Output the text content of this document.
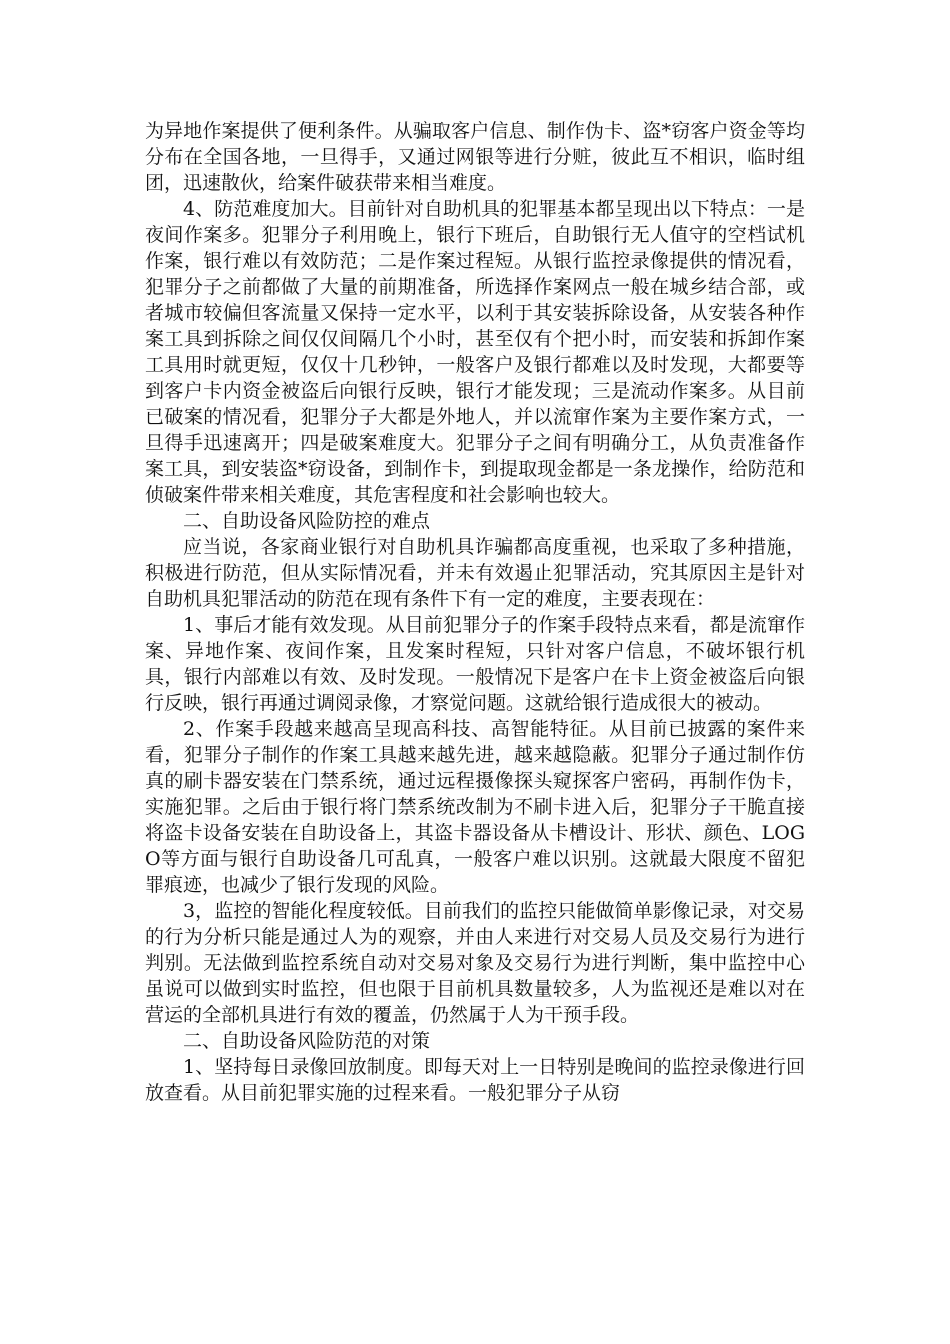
为异地作案提供了便利条件。从骗取客户信息、制作伪卡、盗*窃客户资金等均分布在全国各地，一旦得手，又通过网银等进行分赃，彼此互不相识，临时组团，迅速散伙，给案件破获带来相当难度。

4、防范难度加大。目前针对自助机具的犯罪基本都呈现出以下特点：一是夜间作案多。犯罪分子利用晚上，银行下班后，自助银行无人值守的空档试机作案，银行难以有效防范；二是作案过程短。从银行监控录像提供的情况看，犯罪分子之前都做了大量的前期准备，所选择作案网点一般在城乡结合部，或者城市较偏但客流量又保持一定水平，以利于其安装拆除设备，从安装各种作案工具到拆除之间仅仅间隔几个小时，甚至仅有个把小时，而安装和拆卸作案工具用时就更短，仅仅十几秒钟，一般客户及银行都难以及时发现，大都要等到客户卡内资金被盗后向银行反映，银行才能发现；三是流动作案多。从目前已破案的情况看，犯罪分子大都是外地人，并以流窜作案为主要作案方式，一旦得手迅速离开；四是破案难度大。犯罪分子之间有明确分工，从负责准备作案工具，到安装盗*窃设备，到制作卡，到提取现金都是一条龙操作，给防范和侦破案件带来相关难度，其危害程度和社会影响也较大。

二、自助设备风险防控的难点

应当说，各家商业银行对自助机具诈骗都高度重视，也采取了多种措施，积极进行防范，但从实际情况看，并未有效遏止犯罪活动，究其原因主是针对自助机具犯罪活动的防范在现有条件下有一定的难度，主要表现在：

1、事后才能有效发现。从目前犯罪分子的作案手段特点来看，都是流窜作案、异地作案、夜间作案，且发案时程短，只针对客户信息，不破坏银行机具，银行内部难以有效、及时发现。一般情况下是客户在卡上资金被盗后向银行反映，银行再通过调阅录像，才察觉问题。这就给银行造成很大的被动。

2、作案手段越来越高呈现高科技、高智能特征。从目前已披露的案件来看，犯罪分子制作的作案工具越来越先进，越来越隐蔽。犯罪分子通过制作仿真的刷卡器安装在门禁系统，通过远程摄像探头窥探客户密码，再制作伪卡，实施犯罪。之后由于银行将门禁系统改制为不刷卡进入后，犯罪分子干脆直接将盗卡设备安装在自助设备上，其盗卡器设备从卡槽设计、形状、颜色、LOGO等方面与银行自助设备几可乱真，一般客户难以识别。这就最大限度不留犯罪痕迹，也减少了银行发现的风险。

3，监控的智能化程度较低。目前我们的监控只能做简单影像记录，对交易的行为分析只能是通过人为的观察，并由人来进行对交易人员及交易行为进行判别。无法做到监控系统自动对交易对象及交易行为进行判断，集中监控中心虽说可以做到实时监控，但也限于目前机具数量较多，人为监视还是难以对在营运的全部机具进行有效的覆盖，仍然属于人为干预手段。

二、自助设备风险防范的对策

1、坚持每日录像回放制度。即每天对上一日特别是晚间的监控录像进行回放查看。从目前犯罪实施的过程来看。一般犯罪分子从窃
